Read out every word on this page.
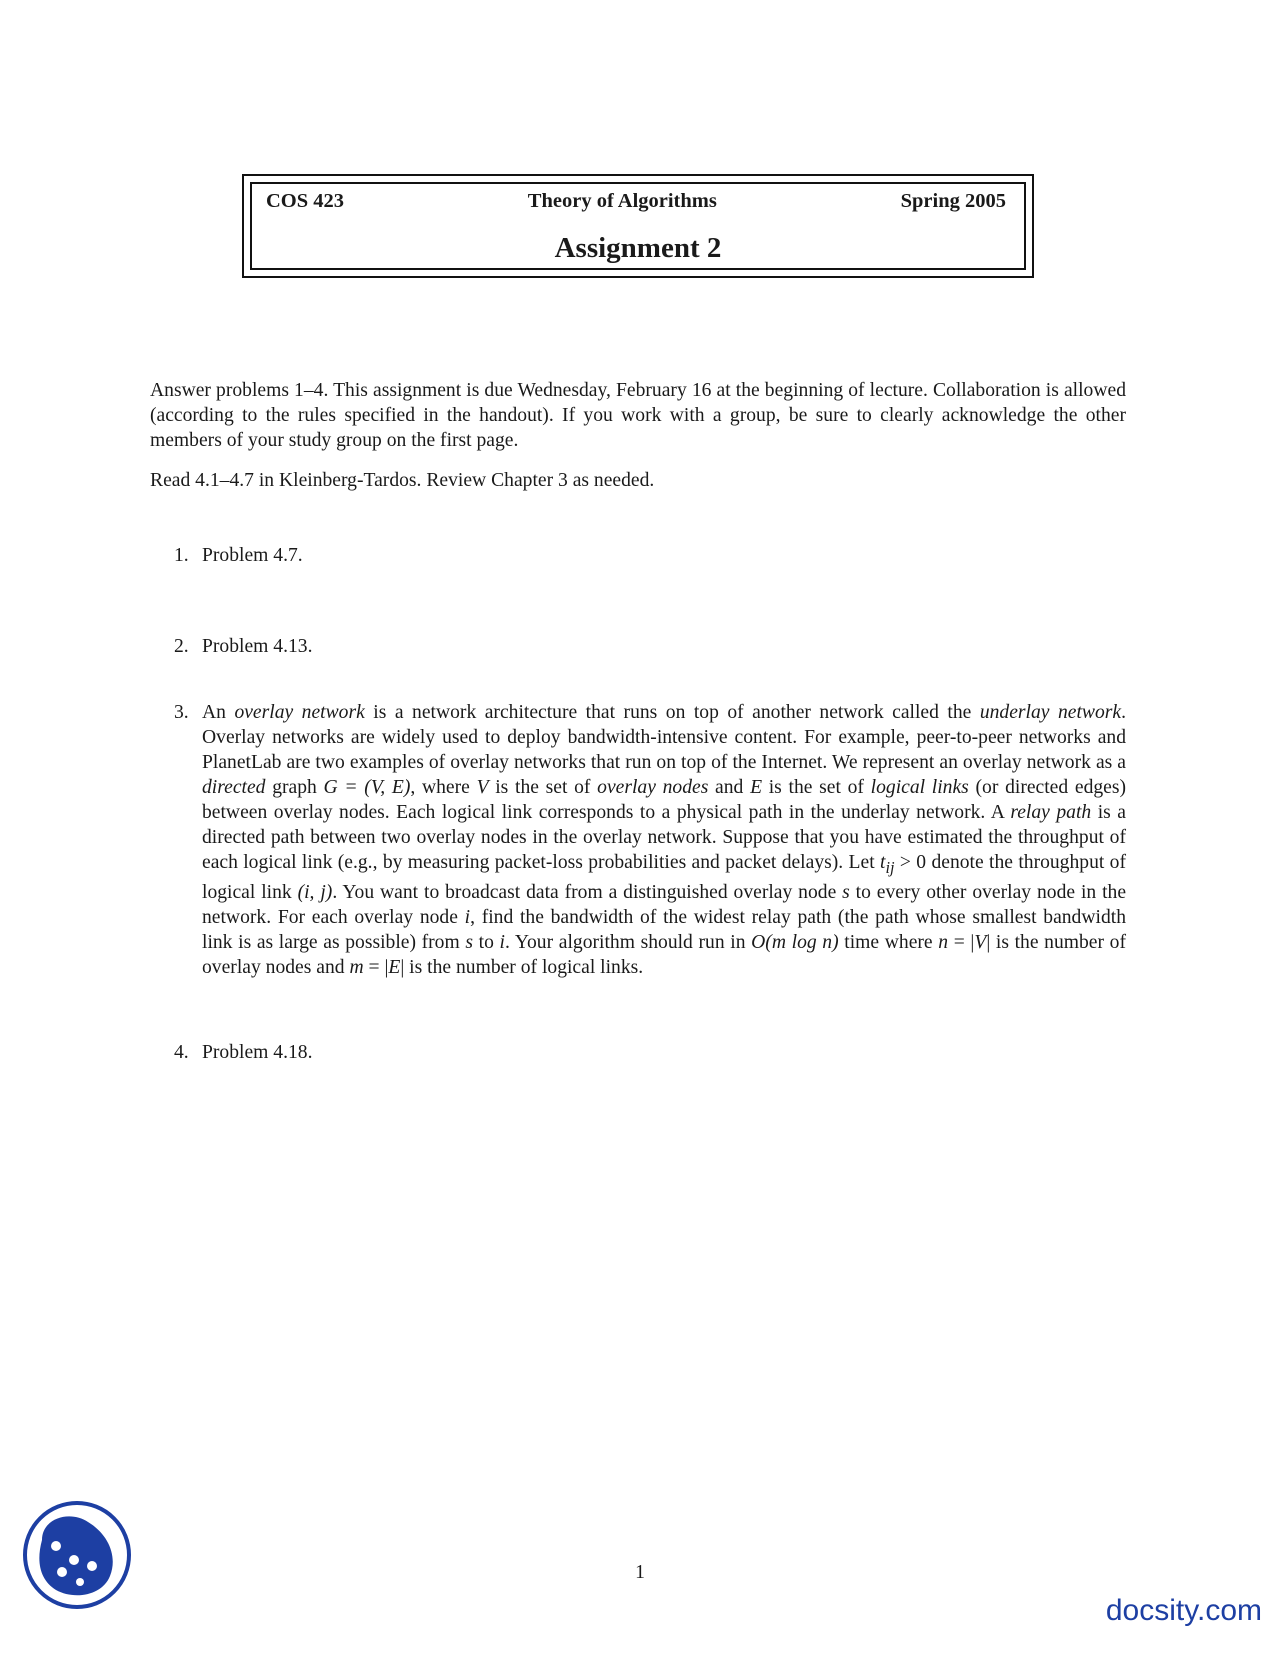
COS 423	Theory of Algorithms	Spring 2005
Assignment 2

Answer problems 1–4. This assignment is due Wednesday, February 16 at the beginning of lecture. Collaboration is allowed (according to the rules specified in the handout). If you work with a group, be sure to clearly acknowledge the other members of your study group on the first page.

Read 4.1–4.7 in Kleinberg-Tardos. Review Chapter 3 as needed.

1. Problem 4.7.
2. Problem 4.13.
3. An overlay network is a network architecture that runs on top of another network called the underlay network. Overlay networks are widely used to deploy bandwidth-intensive content. For example, peer-to-peer networks and PlanetLab are two examples of overlay networks that run on top of the Internet. We represent an overlay network as a directed graph G = (V, E), where V is the set of overlay nodes and E is the set of logical links (or directed edges) between overlay nodes. Each logical link corresponds to a physical path in the underlay network. A relay path is a directed path between two overlay nodes in the overlay network. Suppose that you have estimated the throughput of each logical link (e.g., by measuring packet-loss probabilities and packet delays). Let $t_{ij} > 0$ denote the throughput of logical link (i, j). You want to broadcast data from a distinguished overlay node s to every other overlay node in the network. For each overlay node i, find the bandwidth of the widest relay path (the path whose smallest bandwidth link is as large as possible) from s to i. Your algorithm should run in O(m log n) time where n = |V| is the number of overlay nodes and m = |E| is the number of logical links.
4. Problem 4.18.
1
docsity.com
